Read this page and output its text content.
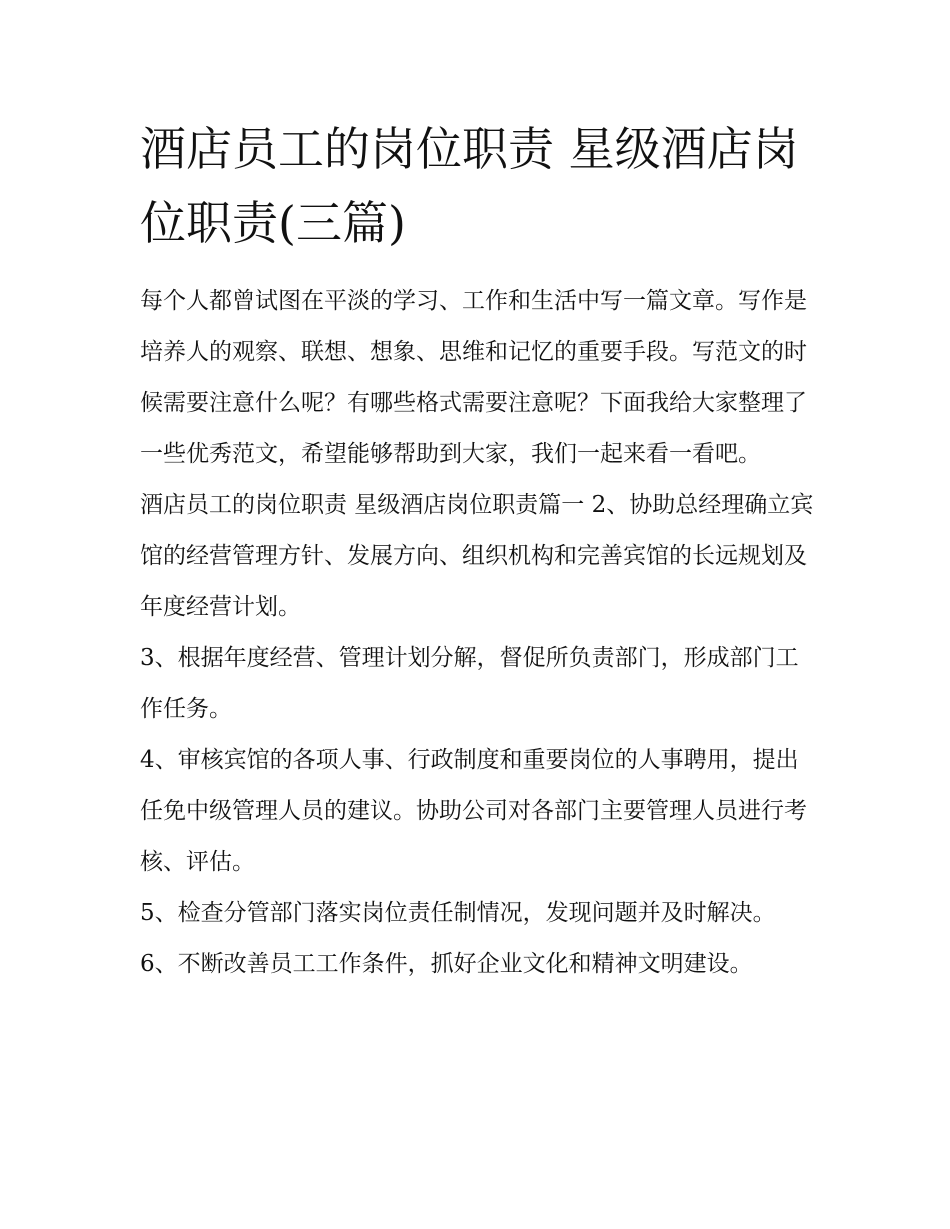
酒店员工的岗位职责 星级酒店岗位职责(三篇)

每个人都曾试图在平淡的学习、工作和生活中写一篇文章。写作是培养人的观察、联想、想象、思维和记忆的重要手段。写范文的时候需要注意什么呢？有哪些格式需要注意呢？下面我给大家整理了一些优秀范文，希望能够帮助到大家，我们一起来看一看吧。

酒店员工的岗位职责 星级酒店岗位职责篇一 2、协助总经理确立宾馆的经营管理方针、发展方向、组织机构和完善宾馆的长远规划及年度经营计划。

3、根据年度经营、管理计划分解，督促所负责部门，形成部门工作任务。

4、审核宾馆的各项人事、行政制度和重要岗位的人事聘用，提出任免中级管理人员的建议。协助公司对各部门主要管理人员进行考核、评估。

5、检查分管部门落实岗位责任制情况，发现问题并及时解决。 6、不断改善员工工作条件，抓好企业文化和精神文明建设。
